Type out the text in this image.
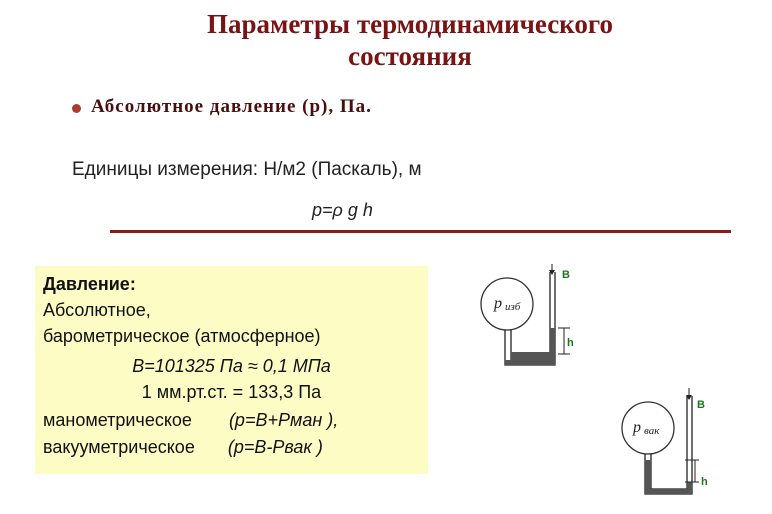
Параметры термодинамического
состояния
Абсолютное давление (p), Па.
Единицы измерения: Н/м2 (Паскаль), м
p=ρ g h
Давление:
Абсолютное,
барометрическое (атмосферное)
B=101325 Па ≈ 0,1 МПа
1 мм.рт.ст. = 133,3 Па
манометрическое (p=B+Pман ),
вакууметрическое (p=B-Pвак )
p изб
B
h
p вак
B
h
